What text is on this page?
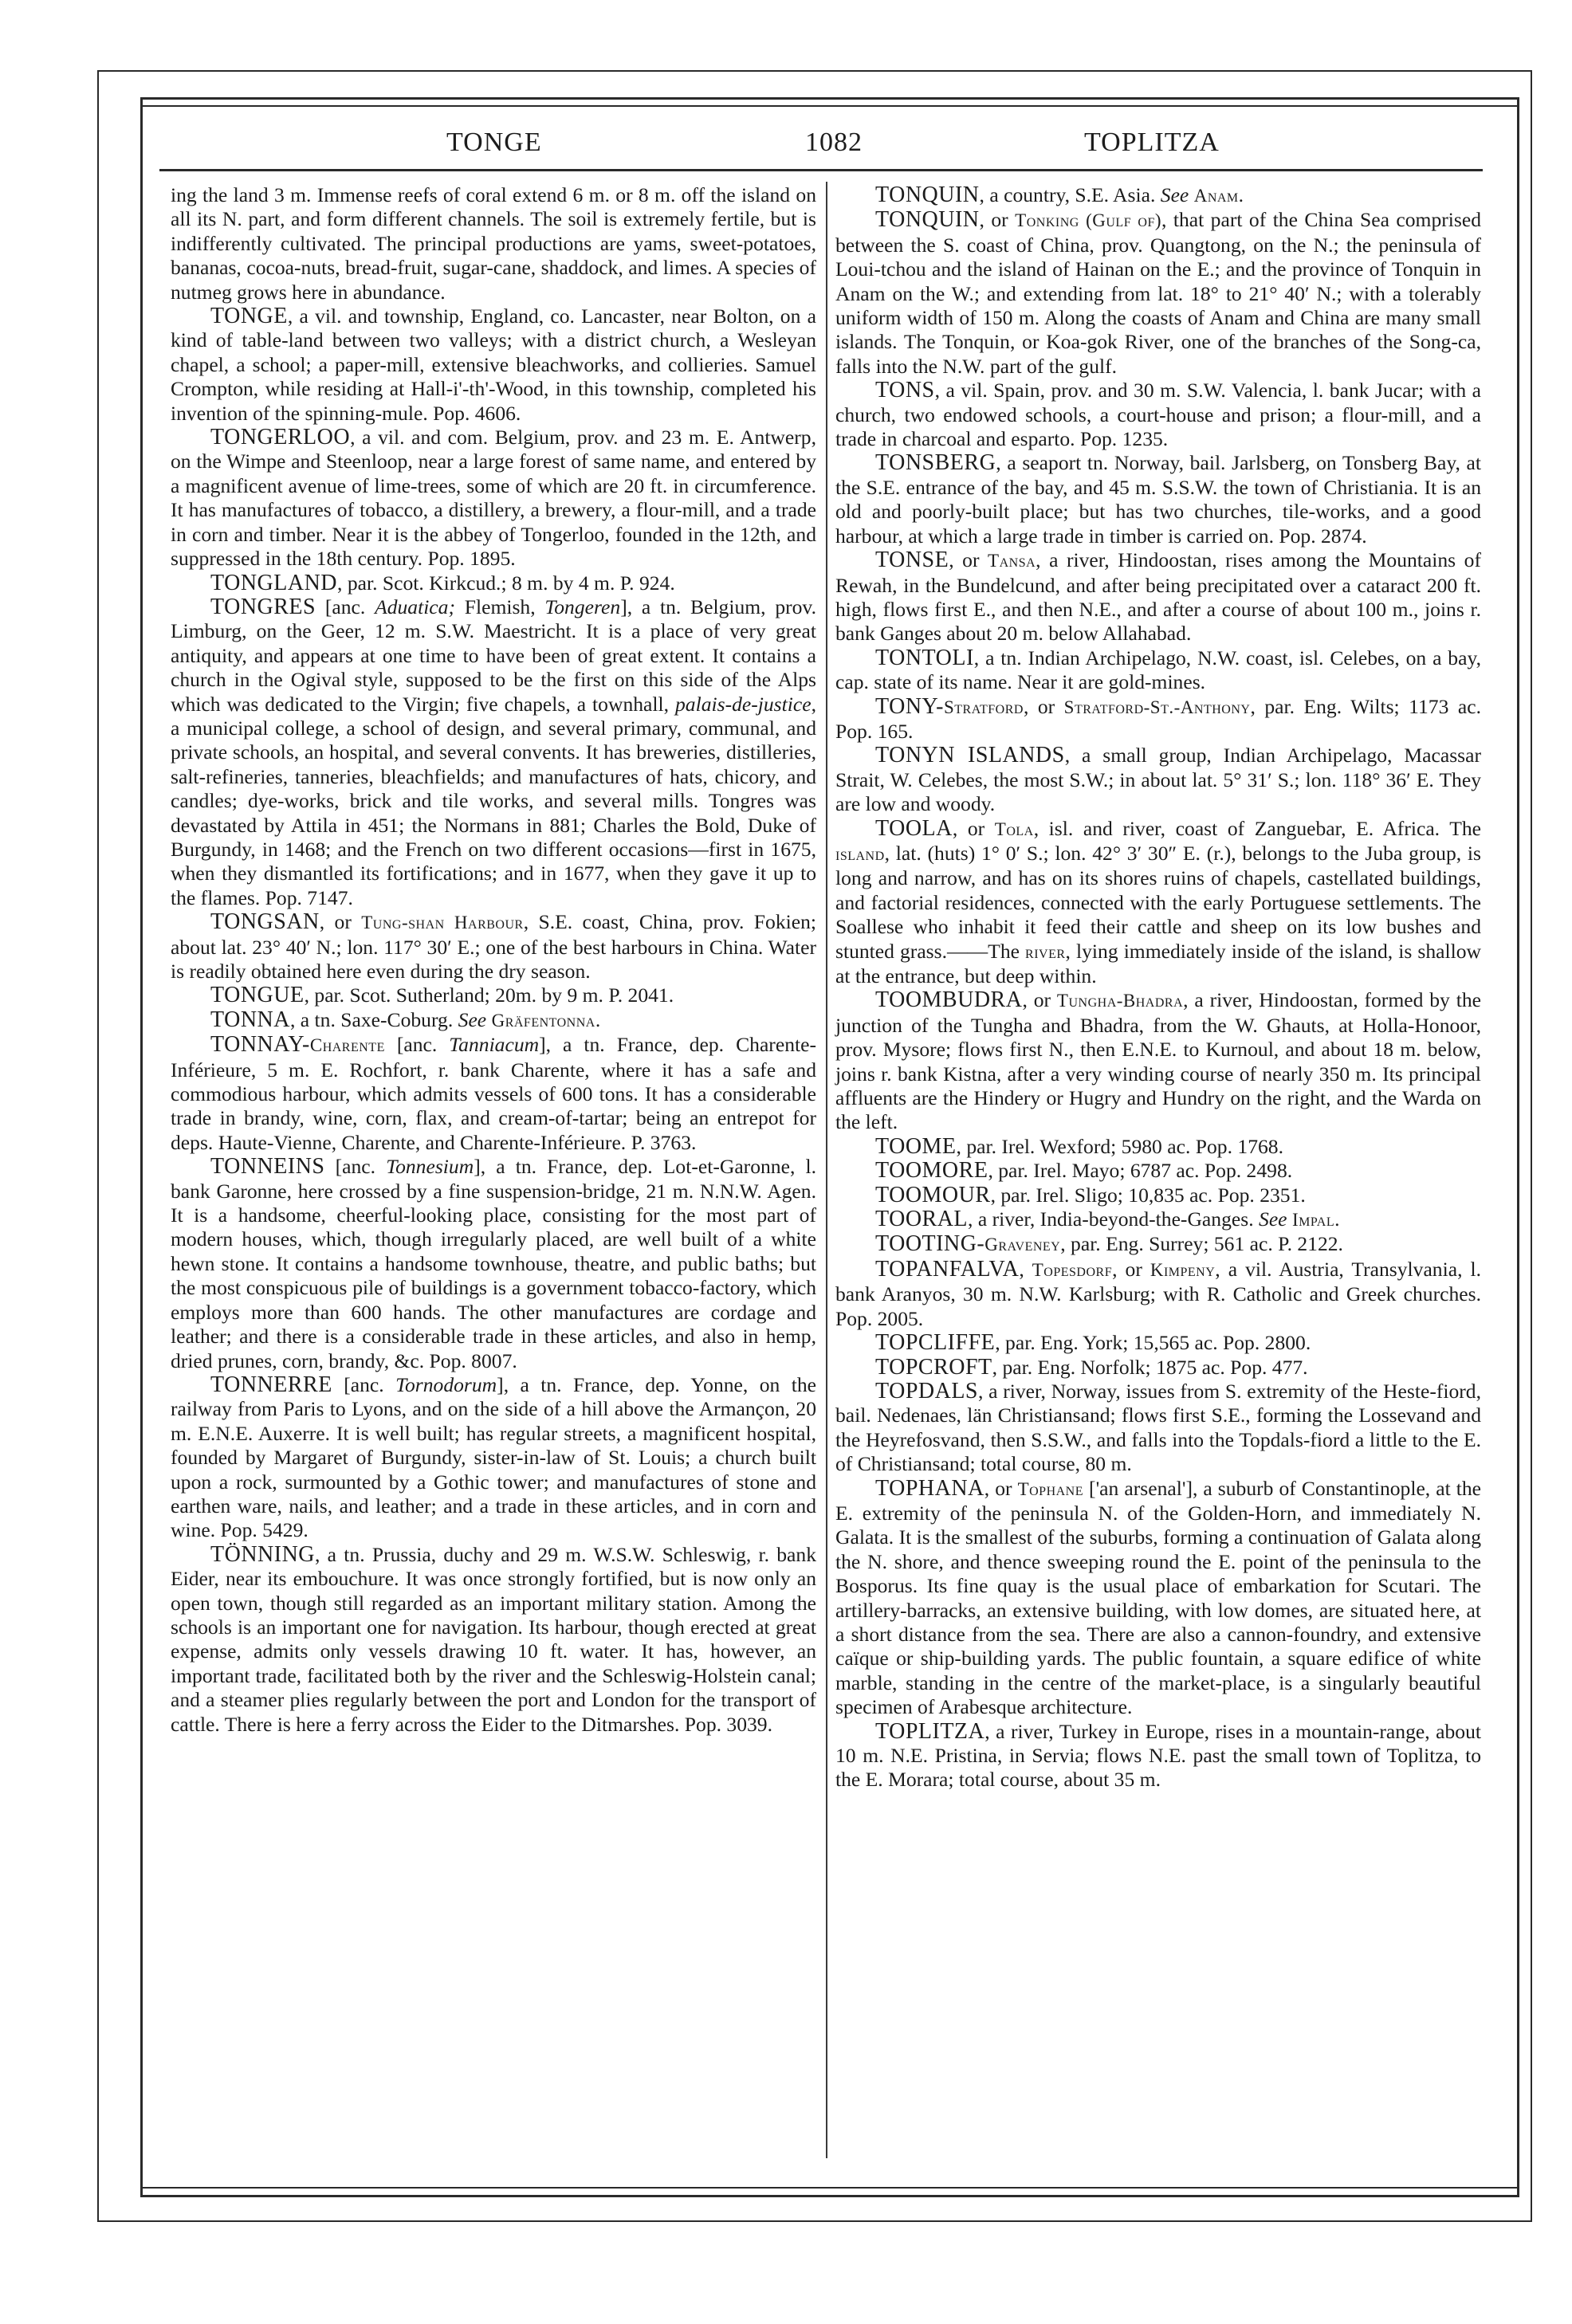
TONGE	1082	TOPLITZA

ing the land 3 m. Immense reefs of coral extend 6 m. or 8 m. off the island on all its N. part, and form different channels. The soil is extremely fertile, but is indifferently cultivated. The principal productions are yams, sweet-potatoes, bananas, cocoa-nuts, bread-fruit, sugar-cane, shaddock, and limes. A species of nutmeg grows here in abundance.

TONGE, a vil. and township, England, co. Lancaster, near Bolton, on a kind of table-land between two valleys; with a district church, a Wesleyan chapel, a school; a paper-mill, extensive bleachworks, and collieries. Samuel Crompton, while residing at Hall-i'-th'-Wood, in this township, completed his invention of the spinning-mule. Pop. 4606.

TONGERLOO, a vil. and com. Belgium, prov. and 23 m. E. Antwerp, on the Wimpe and Steenloop, near a large forest of same name, and entered by a magnificent avenue of lime-trees, some of which are 20 ft. in circumference. It has manufactures of tobacco, a distillery, a brewery, a flour-mill, and a trade in corn and timber. Near it is the abbey of Tongerloo, founded in the 12th, and suppressed in the 18th century. Pop. 1895.

TONGLAND, par. Scot. Kirkcud.; 8 m. by 4 m. P. 924.

TONGRES [anc. Aduatica; Flemish, Tongeren], a tn. Belgium, prov. Limburg, on the Geer, 12 m. S.W. Maestricht. It is a place of very great antiquity, and appears at one time to have been of great extent. It contains a church in the Ogival style, supposed to be the first on this side of the Alps which was dedicated to the Virgin; five chapels, a townhall, palais-de-justice, a municipal college, a school of design, and several primary, communal, and private schools, an hospital, and several convents. It has breweries, distilleries, salt-refineries, tanneries, bleachfields; and manufactures of hats, chicory, and candles; dye-works, brick and tile works, and several mills. Tongres was devastated by Attila in 451; the Normans in 881; Charles the Bold, Duke of Burgundy, in 1468; and the French on two different occasions—first in 1675, when they dismantled its fortifications; and in 1677, when they gave it up to the flames. Pop. 7147.

TONGSAN, or Tung-shan Harbour, S.E. coast, China, prov. Fokien; about lat. 23° 40′ N.; lon. 117° 30′ E.; one of the best harbours in China. Water is readily obtained here even during the dry season.

TONGUE, par. Scot. Sutherland; 20m. by 9 m. P. 2041.

TONNA, a tn. Saxe-Coburg. See Gräfentonna.

TONNAY-Charente [anc. Tanniacum], a tn. France, dep. Charente-Inférieure, 5 m. E. Rochfort, r. bank Charente, where it has a safe and commodious harbour, which admits vessels of 600 tons. It has a considerable trade in brandy, wine, corn, flax, and cream-of-tartar; being an entrepot for deps. Haute-Vienne, Charente, and Charente-Inférieure. P. 3763.

TONNEINS [anc. Tonnesium], a tn. France, dep. Lot-et-Garonne, l. bank Garonne, here crossed by a fine suspension-bridge, 21 m. N.N.W. Agen. It is a handsome, cheerful-looking place, consisting for the most part of modern houses, which, though irregularly placed, are well built of a white hewn stone. It contains a handsome townhouse, theatre, and public baths; but the most conspicuous pile of buildings is a government tobacco-factory, which employs more than 600 hands. The other manufactures are cordage and leather; and there is a considerable trade in these articles, and also in hemp, dried prunes, corn, brandy, &c. Pop. 8007.

TONNERRE [anc. Tornodorum], a tn. France, dep. Yonne, on the railway from Paris to Lyons, and on the side of a hill above the Armançon, 20 m. E.N.E. Auxerre. It is well built; has regular streets, a magnificent hospital, founded by Margaret of Burgundy, sister-in-law of St. Louis; a church built upon a rock, surmounted by a Gothic tower; and manufactures of stone and earthen ware, nails, and leather; and a trade in these articles, and in corn and wine. Pop. 5429.

TÖNNING, a tn. Prussia, duchy and 29 m. W.S.W. Schleswig, r. bank Eider, near its embouchure. It was once strongly fortified, but is now only an open town, though still regarded as an important military station. Among the schools is an important one for navigation. Its harbour, though erected at great expense, admits only vessels drawing 10 ft. water. It has, however, an important trade, facilitated both by the river and the Schleswig-Holstein canal; and a steamer plies regularly between the port and London for the transport of cattle. There is here a ferry across the Eider to the Ditmarshes. Pop. 3039.

TONQUIN, a country, S.E. Asia. See Anam.

TONQUIN, or Tonking (Gulf of), that part of the China Sea comprised between the S. coast of China, prov. Quangtong, on the N.; the peninsula of Loui-tchou and the island of Hainan on the E.; and the province of Tonquin in Anam on the W.; and extending from lat. 18° to 21° 40′ N.; with a tolerably uniform width of 150 m. Along the coasts of Anam and China are many small islands. The Tonquin, or Koa-gok River, one of the branches of the Song-ca, falls into the N.W. part of the gulf.

TONS, a vil. Spain, prov. and 30 m. S.W. Valencia, l. bank Jucar; with a church, two endowed schools, a court-house and prison; a flour-mill, and a trade in charcoal and esparto. Pop. 1235.

TONSBERG, a seaport tn. Norway, bail. Jarlsberg, on Tonsberg Bay, at the S.E. entrance of the bay, and 45 m. S.S.W. the town of Christiania. It is an old and poorly-built place; but has two churches, tile-works, and a good harbour, at which a large trade in timber is carried on. Pop. 2874.

TONSE, or Tansa, a river, Hindoostan, rises among the Mountains of Rewah, in the Bundelcund, and after being precipitated over a cataract 200 ft. high, flows first E., and then N.E., and after a course of about 100 m., joins r. bank Ganges about 20 m. below Allahabad.

TONTOLI, a tn. Indian Archipelago, N.W. coast, isl. Celebes, on a bay, cap. state of its name. Near it are gold-mines.

TONY-Stratford, or Stratford-St.-Anthony, par. Eng. Wilts; 1173 ac. Pop. 165.

TONYN ISLANDS, a small group, Indian Archipelago, Macassar Strait, W. Celebes, the most S.W.; in about lat. 5° 31′ S.; lon. 118° 36′ E. They are low and woody.

TOOLA, or Tola, isl. and river, coast of Zanguebar, E. Africa. The island, lat. (huts) 1° 0′ S.; lon. 42° 3′ 30″ E. (r.), belongs to the Juba group, is long and narrow, and has on its shores ruins of chapels, castellated buildings, and factorial residences, connected with the early Portuguese settlements. The Soallese who inhabit it feed their cattle and sheep on its low bushes and stunted grass.——The river, lying immediately inside of the island, is shallow at the entrance, but deep within.

TOOMBUDRA, or Tungha-Bhadra, a river, Hindoostan, formed by the junction of the Tungha and Bhadra, from the W. Ghauts, at Holla-Honoor, prov. Mysore; flows first N., then E.N.E. to Kurnoul, and about 18 m. below, joins r. bank Kistna, after a very winding course of nearly 350 m. Its principal affluents are the Hindery or Hugry and Hundry on the right, and the Warda on the left.

TOOME, par. Irel. Wexford; 5980 ac. Pop. 1768.

TOOMORE, par. Irel. Mayo; 6787 ac. Pop. 2498.

TOOMOUR, par. Irel. Sligo; 10,835 ac. Pop. 2351.

TOORAL, a river, India-beyond-the-Ganges. See Impal.

TOOTING-Graveney, par. Eng. Surrey; 561 ac. P. 2122.

TOPANFALVA, Topesdorf, or Kimpeny, a vil. Austria, Transylvania, l. bank Aranyos, 30 m. N.W. Karlsburg; with R. Catholic and Greek churches. Pop. 2005.

TOPCLIFFE, par. Eng. York; 15,565 ac. Pop. 2800.

TOPCROFT, par. Eng. Norfolk; 1875 ac. Pop. 477.

TOPDALS, a river, Norway, issues from S. extremity of the Heste-fiord, bail. Nedenaes, län Christiansand; flows first S.E., forming the Lossevand and the Heyrefosvand, then S.S.W., and falls into the Topdals-fiord a little to the E. of Christiansand; total course, 80 m.

TOPHANA, or Tophane ['an arsenal'], a suburb of Constantinople, at the E. extremity of the peninsula N. of the Golden-Horn, and immediately N. Galata. It is the smallest of the suburbs, forming a continuation of Galata along the N. shore, and thence sweeping round the E. point of the peninsula to the Bosporus. Its fine quay is the usual place of embarkation for Scutari. The artillery-barracks, an extensive building, with low domes, are situated here, at a short distance from the sea. There are also a cannon-foundry, and extensive caïque or ship-building yards. The public fountain, a square edifice of white marble, standing in the centre of the market-place, is a singularly beautiful specimen of Arabesque architecture.

TOPLITZA, a river, Turkey in Europe, rises in a mountain-range, about 10 m. N.E. Pristina, in Servia; flows N.E. past the small town of Toplitza, to the E. Morara; total course, about 35 m.
